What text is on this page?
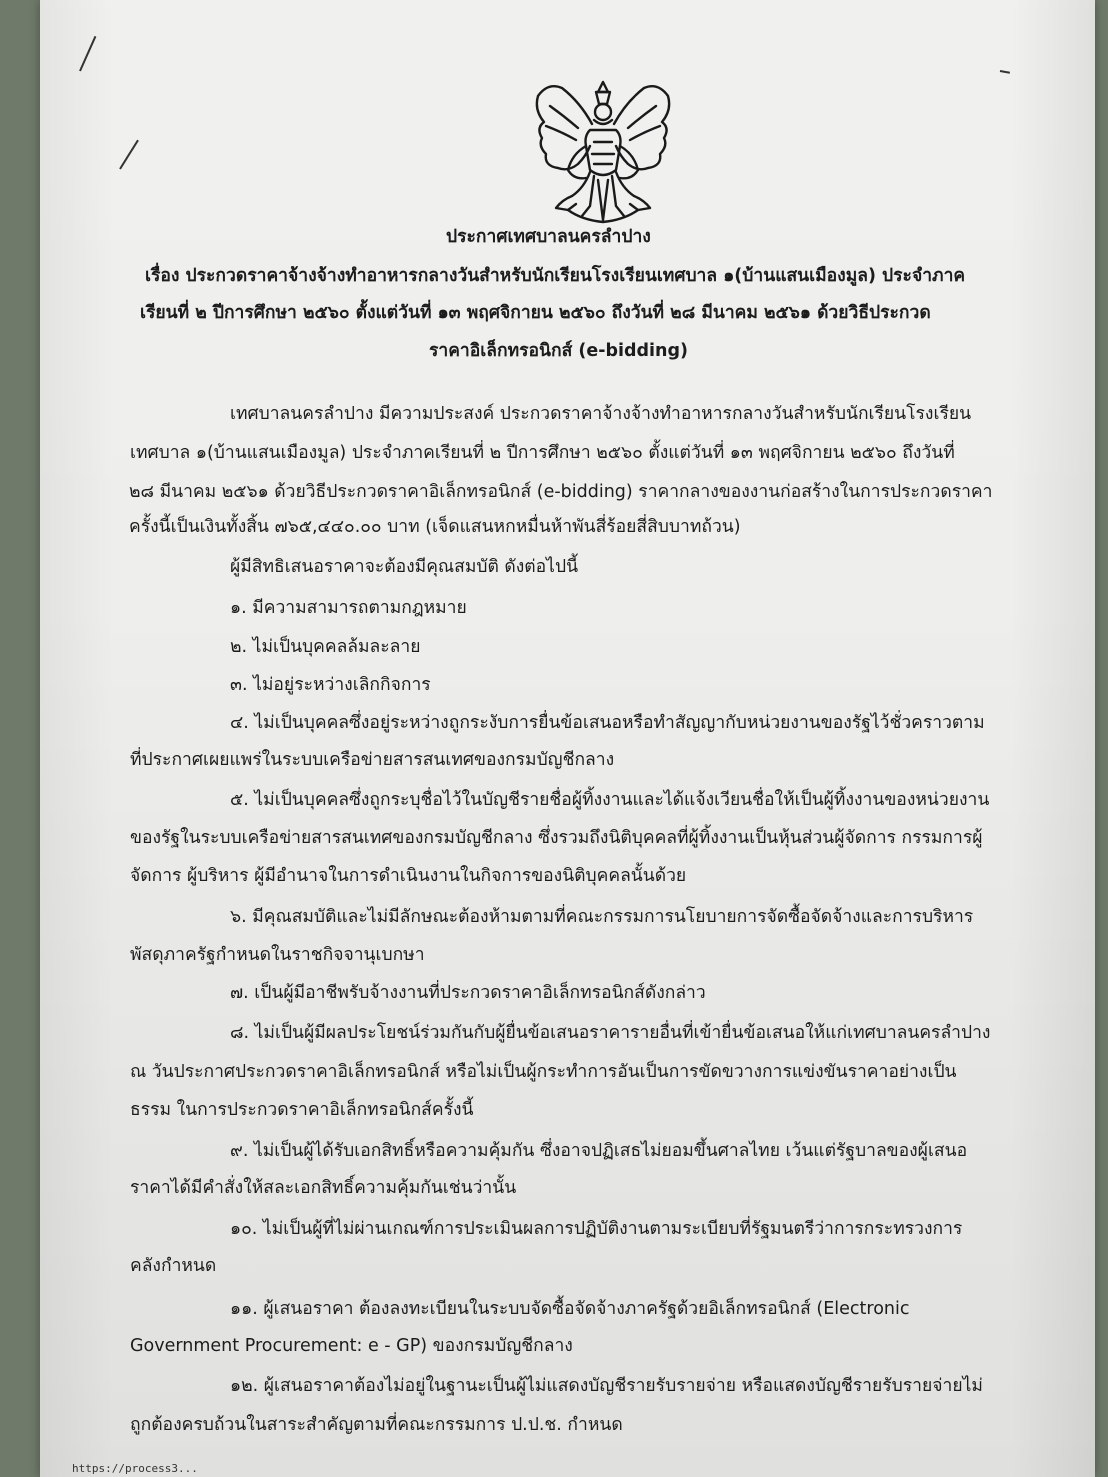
ประกาศเทศบาลนครลำปาง
เรื่อง ประกวดราคาจ้างจ้างทำอาหารกลางวันสำหรับนักเรียนโรงเรียนเทศบาล ๑(บ้านแสนเมืองมูล) ประจำภาค
เรียนที่ ๒ ปีการศึกษา ๒๕๖๐ ตั้งแต่วันที่ ๑๓ พฤศจิกายน ๒๕๖๐ ถึงวันที่ ๒๘ มีนาคม ๒๕๖๑ ด้วยวิธีประกวด
ราคาอิเล็กทรอนิกส์ (e-bidding)
เทศบาลนครลำปาง มีความประสงค์ ประกวดราคาจ้างจ้างทำอาหารกลางวันสำหรับนักเรียนโรงเรียน
เทศบาล ๑(บ้านแสนเมืองมูล) ประจำภาคเรียนที่ ๒ ปีการศึกษา ๒๕๖๐ ตั้งแต่วันที่ ๑๓ พฤศจิกายน ๒๕๖๐ ถึงวันที่
๒๘ มีนาคม ๒๕๖๑ ด้วยวิธีประกวดราคาอิเล็กทรอนิกส์ (e-bidding) ราคากลางของงานก่อสร้างในการประกวดราคา
ครั้งนี้เป็นเงินทั้งสิ้น ๗๖๕,๔๔๐.๐๐ บาท (เจ็ดแสนหกหมื่นห้าพันสี่ร้อยสี่สิบบาทถ้วน)
ผู้มีสิทธิเสนอราคาจะต้องมีคุณสมบัติ ดังต่อไปนี้
๑. มีความสามารถตามกฎหมาย
๒. ไม่เป็นบุคคลล้มละลาย
๓. ไม่อยู่ระหว่างเลิกกิจการ
๔. ไม่เป็นบุคคลซึ่งอยู่ระหว่างถูกระงับการยื่นข้อเสนอหรือทำสัญญากับหน่วยงานของรัฐไว้ชั่วคราวตาม
ที่ประกาศเผยแพร่ในระบบเครือข่ายสารสนเทศของกรมบัญชีกลาง
๕. ไม่เป็นบุคคลซึ่งถูกระบุชื่อไว้ในบัญชีรายชื่อผู้ทิ้งงานและได้แจ้งเวียนชื่อให้เป็นผู้ทิ้งงานของหน่วยงาน
ของรัฐในระบบเครือข่ายสารสนเทศของกรมบัญชีกลาง ซึ่งรวมถึงนิติบุคคลที่ผู้ทิ้งงานเป็นหุ้นส่วนผู้จัดการ กรรมการผู้
จัดการ ผู้บริหาร ผู้มีอำนาจในการดำเนินงานในกิจการของนิติบุคคลนั้นด้วย
๖. มีคุณสมบัติและไม่มีลักษณะต้องห้ามตามที่คณะกรรมการนโยบายการจัดซื้อจัดจ้างและการบริหาร
พัสดุภาครัฐกำหนดในราชกิจจานุเบกษา
๗. เป็นผู้มีอาชีพรับจ้างงานที่ประกวดราคาอิเล็กทรอนิกส์ดังกล่าว
๘. ไม่เป็นผู้มีผลประโยชน์ร่วมกันกับผู้ยื่นข้อเสนอราคารายอื่นที่เข้ายื่นข้อเสนอให้แก่เทศบาลนครลำปาง
ณ วันประกาศประกวดราคาอิเล็กทรอนิกส์ หรือไม่เป็นผู้กระทำการอันเป็นการขัดขวางการแข่งขันราคาอย่างเป็น
ธรรม ในการประกวดราคาอิเล็กทรอนิกส์ครั้งนี้
๙. ไม่เป็นผู้ได้รับเอกสิทธิ์หรือความคุ้มกัน ซึ่งอาจปฏิเสธไม่ยอมขึ้นศาลไทย เว้นแต่รัฐบาลของผู้เสนอ
ราคาได้มีคำสั่งให้สละเอกสิทธิ์ความคุ้มกันเช่นว่านั้น
๑๐. ไม่เป็นผู้ที่ไม่ผ่านเกณฑ์การประเมินผลการปฏิบัติงานตามระเบียบที่รัฐมนตรีว่าการกระทรวงการ
คลังกำหนด
๑๑. ผู้เสนอราคา ต้องลงทะเบียนในระบบจัดซื้อจัดจ้างภาครัฐด้วยอิเล็กทรอนิกส์ (Electronic
Government Procurement: e - GP) ของกรมบัญชีกลาง
๑๒. ผู้เสนอราคาต้องไม่อยู่ในฐานะเป็นผู้ไม่แสดงบัญชีรายรับรายจ่าย หรือแสดงบัญชีรายรับรายจ่ายไม่
ถูกต้องครบถ้วนในสาระสำคัญตามที่คณะกรรมการ ป.ป.ช. กำหนด
https://process3...
